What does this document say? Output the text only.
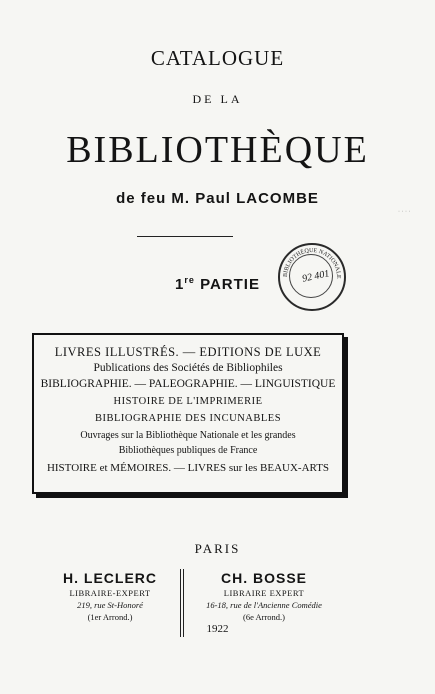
CATALOGUE
DE LA
BIBLIOTHÈQUE
de feu M. Paul LACOMBE
1re PARTIE
BIBLIOTHÈQUE NATIONALE
92 401
· · · ·
LIVRES ILLUSTRÉS. — EDITIONS DE LUXE
Publications des Sociétés de Bibliophiles
BIBLIOGRAPHIE. — PALEOGRAPHIE. — LINGUISTIQUE
HISTOIRE DE L'IMPRIMERIE
BIBLIOGRAPHIE DES INCUNABLES
Ouvrages sur la Bibliothèque Nationale et les grandes
Bibliothèques publiques de France
HISTOIRE et MÉMOIRES. — LIVRES sur les BEAUX-ARTS
PARIS
H. LECLERC
LIBRAIRE-EXPERT
219, rue St-Honoré
(1er Arrond.)
CH. BOSSE
LIBRAIRE EXPERT
16-18, rue de l'Ancienne Comédie
(6e Arrond.)
1922
